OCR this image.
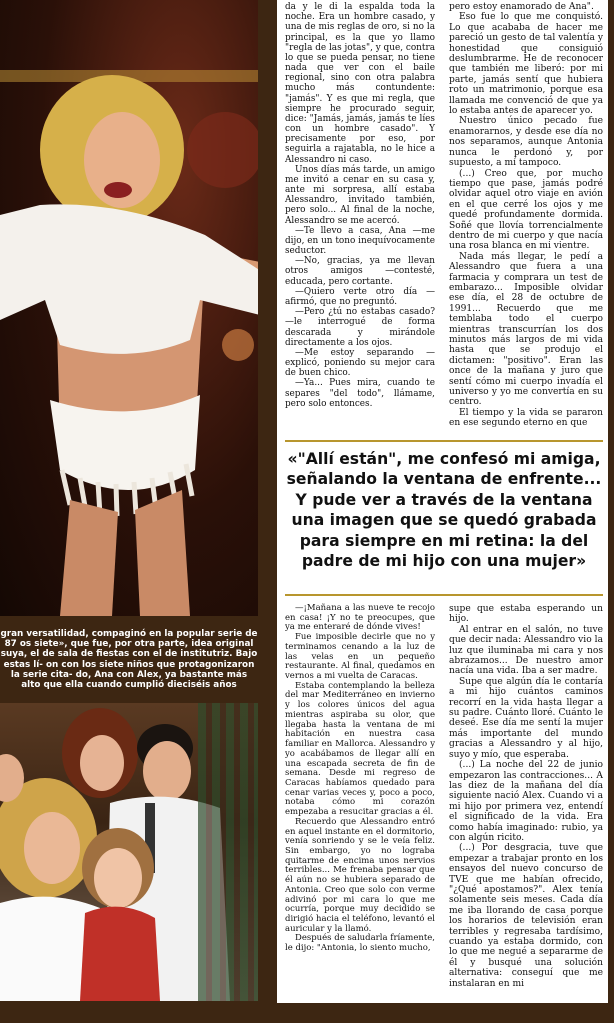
gran versatilidad, compaginó en la popular serie de 87 os siete», que fue, por otra parte, idea original suya, el de sala de fiestas con el de institutriz. Bajo estas lí- on con los siete niños que protagonizaron la serie cita- do, Ana con Alex, ya bastante más alto que ella cuando cumplió dieciséis años

da y le di la espalda toda la noche. Era un hombre casado, y una de mis reglas de oro, si no la principal, es la que yo llamo "regla de las jotas", y que, contra lo que se pueda pensar, no tiene nada que ver con el baile regional, sino con otra palabra mucho más contundente: "jamás". Y es que mi regla, que siempre he procurado seguir, dice: "Jamás, jamás, jamás te líes con un hombre casado". Y precisamente por eso, por seguirla a rajatabla, no le hice a Alessandro ni caso.

Unos días más tarde, un amigo me invitó a cenar en su casa y, ante mi sorpresa, allí estaba Alessandro, invitado también, pero solo... Al final de la noche, Alessandro se me acercó.

—Te llevo a casa, Ana —me dijo, en un tono inequívocamente seductor.

—No, gracias, ya me llevan otros amigos —contesté, educada, pero cortante.

—Quiero verte otro día —afirmó, que no preguntó.

—Pero ¿tú no estabas casado? —le interrogué de forma descarada y mirándole directamente a los ojos.

—Me estoy separando —explicó, poniendo su mejor cara de buen chico.

—Ya... Pues mira, cuando te separes "del todo", llámame, pero solo entonces.

pero estoy enamorado de Ana".

Eso fue lo que me conquistó. Lo que acababa de hacer me pareció un gesto de tal valentía y honestidad que consiguió deslumbrarme. He de reconocer que también me liberó: por mi parte, jamás sentí que hubiera roto un matrimonio, porque esa llamada me convenció de que ya lo estaba antes de aparecer yo.

Nuestro único pecado fue enamorarnos, y desde ese día no nos separamos, aunque Antonia nunca le perdonó y, por supuesto, a mí tampoco.

(...) Creo que, por mucho tiempo que pase, jamás podré olvidar aquel otro viaje en avión en el que cerré los ojos y me quedé profundamente dormida. Soñé que llovía torrencialmente dentro de mi cuerpo y que nacía una rosa blanca en mi vientre.

Nada más llegar, le pedí a Alessandro que fuera a una farmacia y comprara un test de embarazo... Imposible olvidar ese día, el 28 de octubre de 1991... Recuerdo que me temblaba todo el cuerpo mientras transcurrían los dos minutos más largos de mi vida hasta que se produjo el dictamen: "positivo". Eran las once de la mañana y juro que sentí cómo mi cuerpo invadía el universo y yo me convertía en su centro.

El tiempo y la vida se pararon en ese segundo eterno en que

«"Allí están", me confesó mi amiga, señalando la ventana de enfrente... Y pude ver a través de la ventana una imagen que se quedó grabada para siempre en mi retina: la del padre de mi hijo con una mujer»

—¡Mañana a las nueve te recojo en casa! ¡Y no te preocupes, que ya me enteraré de dónde vives!

Fue imposible decirle que no y terminamos cenando a la luz de las velas en un pequeño restaurante. Al final, quedamos en vernos a mi vuelta de Caracas.

Estaba contemplando la belleza del mar Mediterráneo en invierno y los colores únicos del agua mientras aspiraba su olor, que llegaba hasta la ventana de mi habitación en nuestra casa familiar en Mallorca. Alessandro y yo acabábamos de llegar allí en una escapada secreta de fin de semana. Desde mi regreso de Caracas habíamos quedado para cenar varias veces y, poco a poco, notaba cómo mi corazón empezaba a resucitar gracias a él.

Recuerdo que Alessandro entró en aquel instante en el dormitorio, venía sonriendo y se le veía feliz. Sin embargo, yo no lograba quitarme de encima unos nervios terribles... Me frenaba pensar que él aún no se hubiera separado de Antonia. Creo que solo con verme adivinó por mi cara lo que me ocurría, porque muy decidido se dirigió hacia el teléfono, levantó el auricular y la llamó.

Después de saludarla fríamente, le dijo: "Antonia, lo siento mucho,

supe que estaba esperando un hijo.

Al entrar en el salón, no tuve que decir nada: Alessandro vio la luz que iluminaba mi cara y nos abrazamos... De nuestro amor nacía una vida. Iba a ser madre.

Supe que algún día le contaría a mi hijo cuántos caminos recorrí en la vida hasta llegar a su padre. Cuánto lloré. Cuánto le deseé. Ese día me sentí la mujer más importante del mundo gracias a Alessandro y al hijo, suyo y mío, que esperaba.

(...) La noche del 22 de junio empezaron las contracciones... A las diez de la mañana del día siguiente nació Alex. Cuando vi a mi hijo por primera vez, entendí el significado de la vida. Era como había imaginado: rubio, ya con algún ricito.

(...) Por desgracia, tuve que empezar a trabajar pronto en los ensayos del nuevo concurso de TVE que me habían ofrecido, "¿Qué apostamos?". Alex tenía solamente seis meses. Cada día me iba llorando de casa porque los horarios de televisión eran terribles y regresaba tardísimo, cuando ya estaba dormido, con lo que me negué a separarme de él y busqué una solución alternativa: conseguí que me instalaran en mi
